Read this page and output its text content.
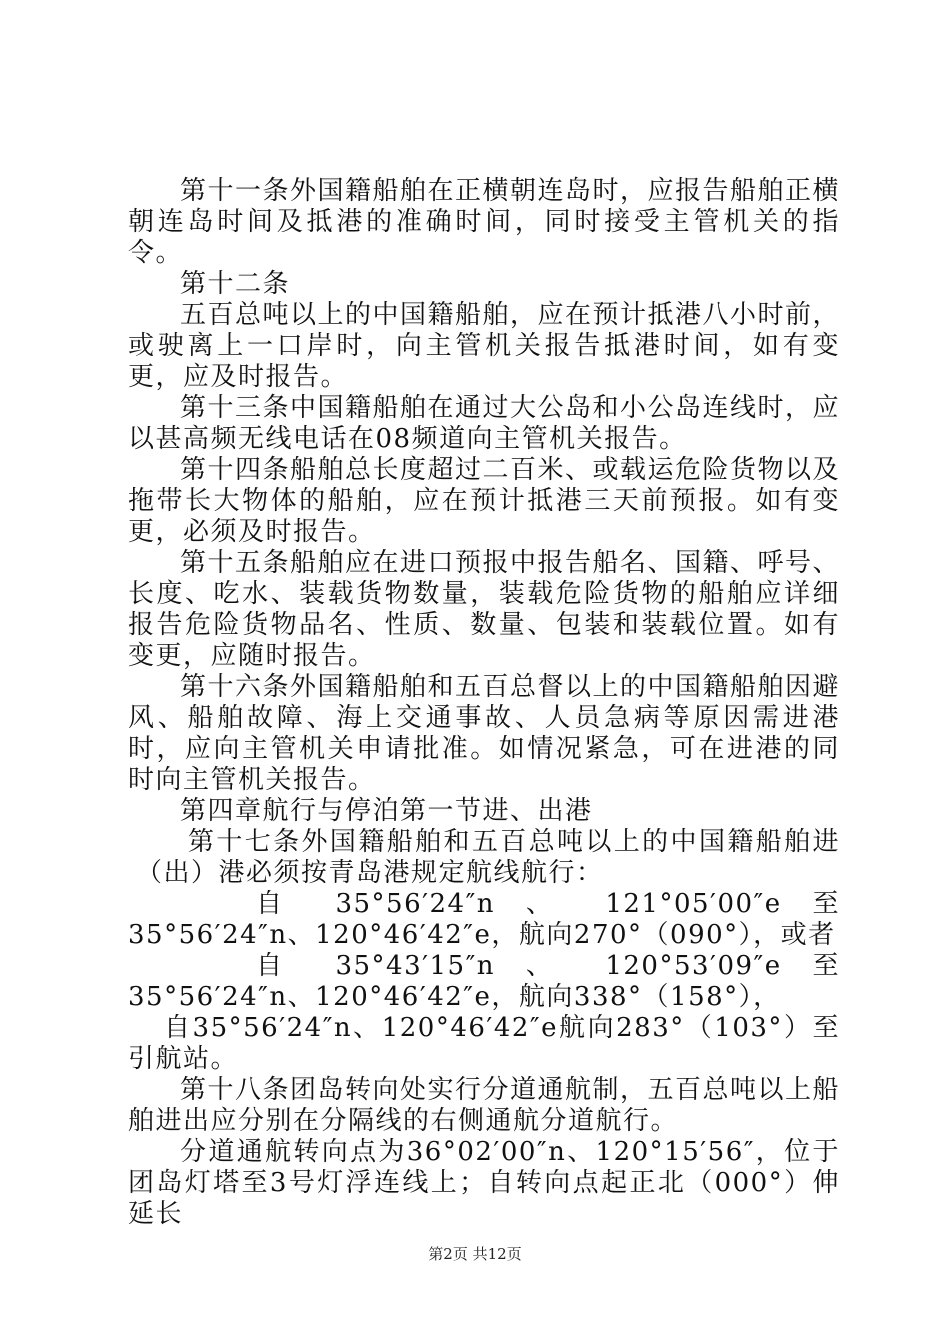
第十一条外国籍船舶在正横朝连岛时，应报告船舶正横朝连岛时间及抵港的准确时间，同时接受主管机关的指令。

第十二条

五百总吨以上的中国籍船舶，应在预计抵港八小时前，或驶离上一口岸时，向主管机关报告抵港时间，如有变更，应及时报告。

第十三条中国籍船舶在通过大公岛和小公岛连线时，应以甚高频无线电话在08频道向主管机关报告。

第十四条船舶总长度超过二百米、或载运危险货物以及拖带长大物体的船舶，应在预计抵港三天前预报。如有变更，必须及时报告。

第十五条船舶应在进口预报中报告船名、国籍、呼号、长度、吃水、装载货物数量，装载危险货物的船舶应详细报告危险货物品名、性质、数量、包装和装载位置。如有变更，应随时报告。

第十六条外国籍船舶和五百总督以上的中国籍船舶因避风、船舶故障、海上交通事故、人员急病等原因需进港时，应向主管机关申请批准。如情况紧急，可在进港的同时向主管机关报告。

第四章航行与停泊第一节进、出港

第十七条外国籍船舶和五百总吨以上的中国籍船舶进（出）港必须按青岛港规定航线航行：

自 35°56′24″n 、 121°05′00″e 至

35°56′24″n、120°46′42″e，航向270°（090°），或者

自 35°43′15″n 、 120°53′09″e 至

35°56′24″n、120°46′42″e，航向338°（158°），

自35°56′24″n、120°46′42″e航向283°（103°）至引航站。

第十八条团岛转向处实行分道通航制，五百总吨以上船舶进出应分别在分隔线的右侧通航分道航行。

分道通航转向点为36°02′00″n、120°15′56″，位于团岛灯塔至3号灯浮连线上；自转向点起正北（000°）伸延长

第2页 共12页
